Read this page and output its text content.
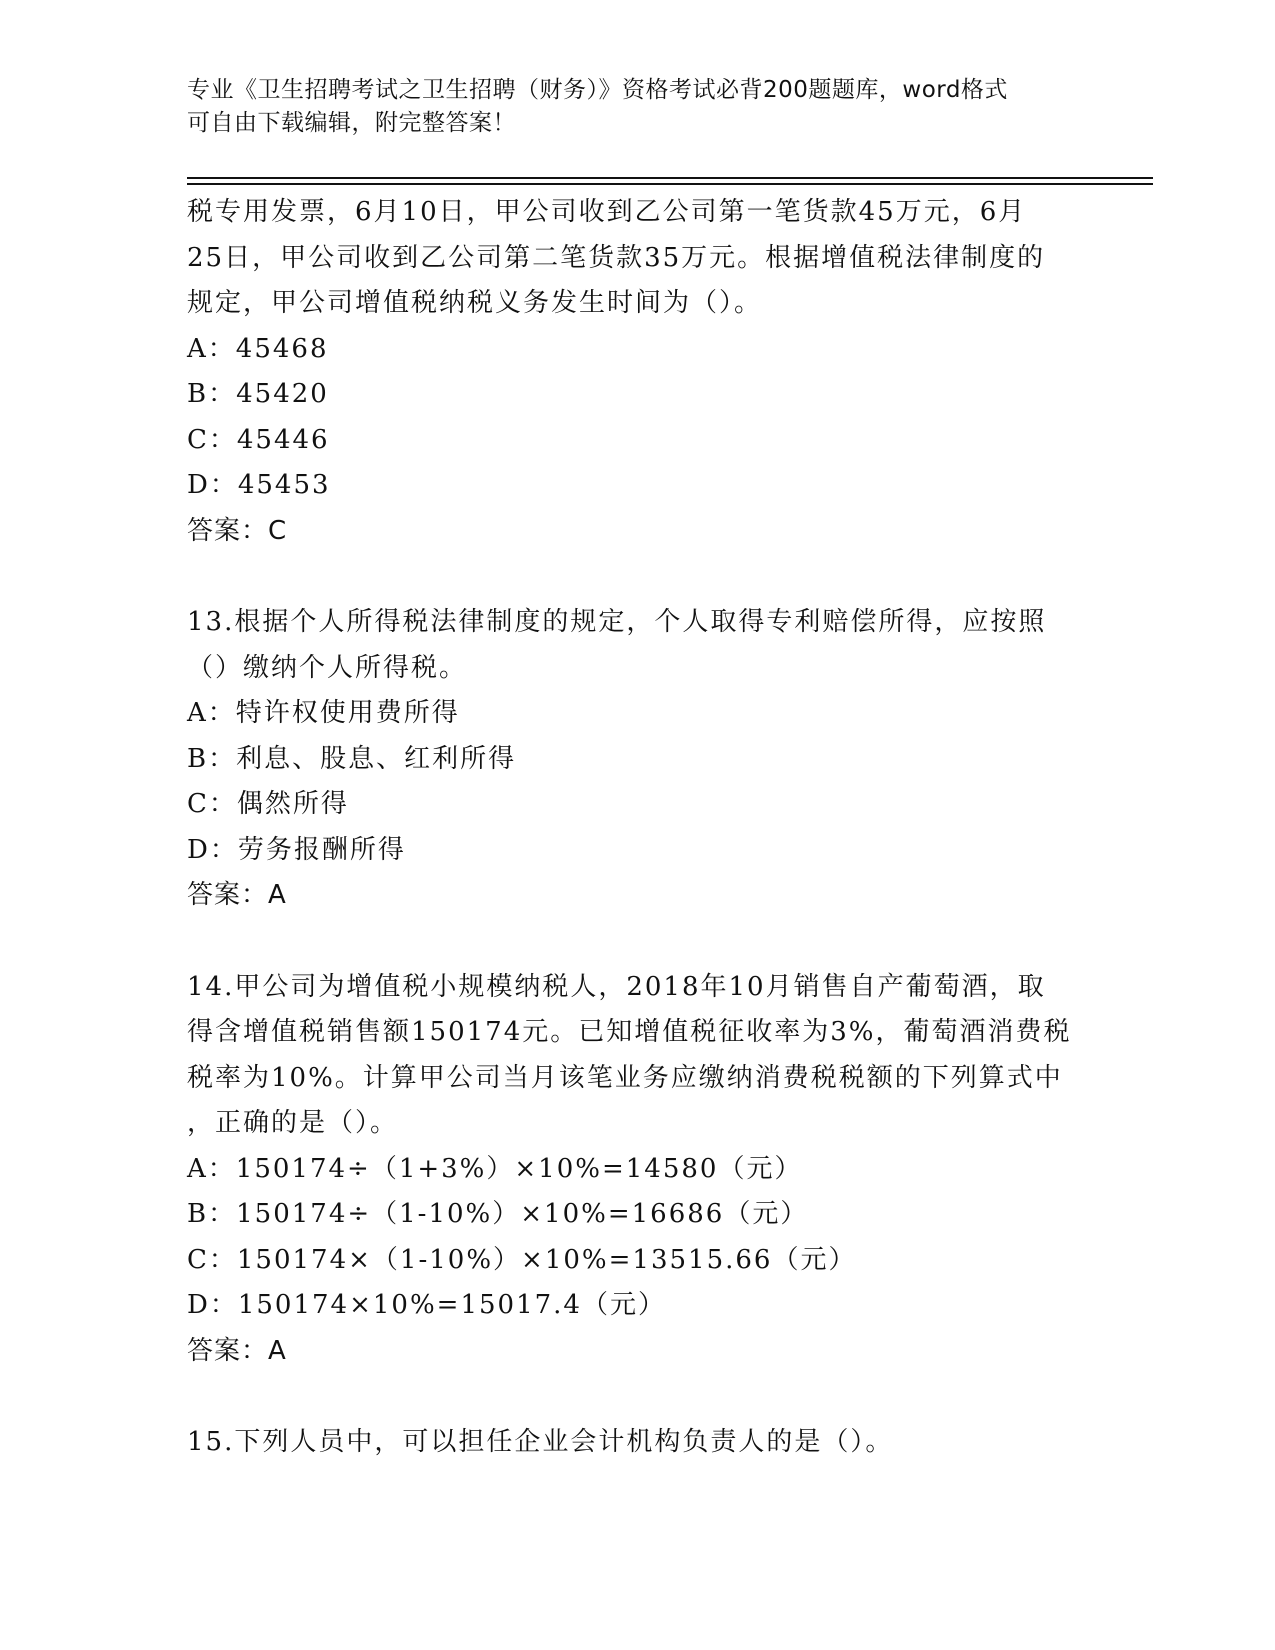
专业《卫生招聘考试之卫生招聘（财务）》资格考试必背200题题库，word格式
可自由下载编辑，附完整答案！
税专用发票，6月10日，甲公司收到乙公司第一笔货款45万元，6月
25日，甲公司收到乙公司第二笔货款35万元。根据增值税法律制度的
规定，甲公司增值税纳税义务发生时间为（）。
A：45468
B：45420
C：45446
D：45453
答案：C
13.根据个人所得税法律制度的规定，个人取得专利赔偿所得，应按照
（）缴纳个人所得税。
A：特许权使用费所得
B：利息、股息、红利所得
C：偶然所得
D：劳务报酬所得
答案：A
14.甲公司为增值税小规模纳税人，2018年10月销售自产葡萄酒，取
得含增值税销售额150174元。已知增值税征收率为3%，葡萄酒消费税
税率为10%。计算甲公司当月该笔业务应缴纳消费税税额的下列算式中
，正确的是（）。
A：150174÷（1+3%）×10%=14580（元）
B：150174÷（1-10%）×10%=16686（元）
C：150174×（1-10%）×10%=13515.66（元）
D：150174×10%=15017.4（元）
答案：A
15.下列人员中，可以担任企业会计机构负责人的是（）。
